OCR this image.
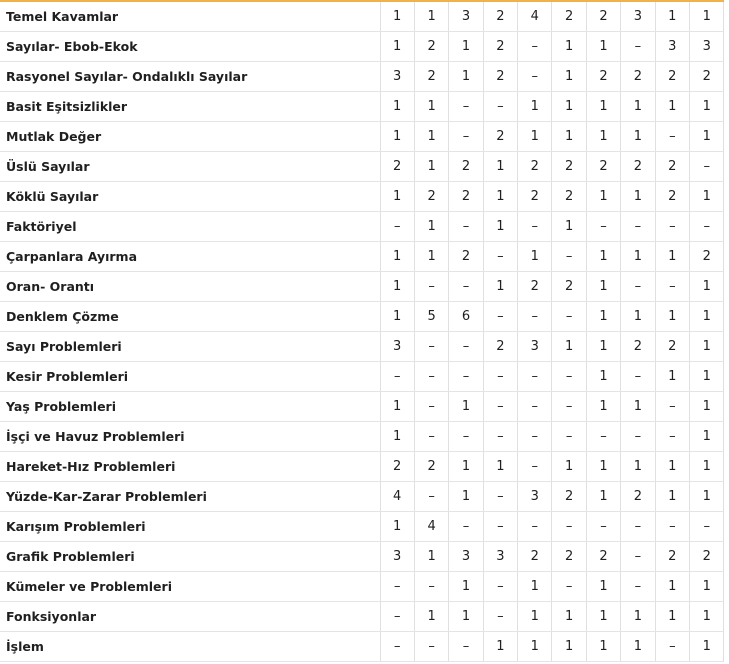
Temel Kavamlar	1	1	3	2	4	2	2	3	1	1
Sayılar- Ebob-Ekok	1	2	1	2	–	1	1	–	3	3
Rasyonel Sayılar- Ondalıklı Sayılar	3	2	1	2	–	1	2	2	2	2
Basit Eşitsizlikler	1	1	–	–	1	1	1	1	1	1
Mutlak Değer	1	1	–	2	1	1	1	1	–	1
Üslü Sayılar	2	1	2	1	2	2	2	2	2	–
Köklü Sayılar	1	2	2	1	2	2	1	1	2	1
Faktöriyel	–	1	–	1	–	1	–	–	–	–
Çarpanlara Ayırma	1	1	2	–	1	–	1	1	1	2
Oran- Orantı	1	–	–	1	2	2	1	–	–	1
Denklem Çözme	1	5	6	–	–	–	1	1	1	1
Sayı Problemleri	3	–	–	2	3	1	1	2	2	1
Kesir Problemleri	–	–	–	–	–	–	1	–	1	1
Yaş Problemleri	1	–	1	–	–	–	1	1	–	1
İşçi ve Havuz Problemleri	1	–	–	–	–	–	–	–	–	1
Hareket-Hız Problemleri	2	2	1	1	–	1	1	1	1	1
Yüzde-Kar-Zarar Problemleri	4	–	1	–	3	2	1	2	1	1
Karışım Problemleri	1	4	–	–	–	–	–	–	–	–
Grafik Problemleri	3	1	3	3	2	2	2	–	2	2
Kümeler ve Problemleri	–	–	1	–	1	–	1	–	1	1
Fonksiyonlar	–	1	1	–	1	1	1	1	1	1
İşlem	–	–	–	1	1	1	1	1	–	1
